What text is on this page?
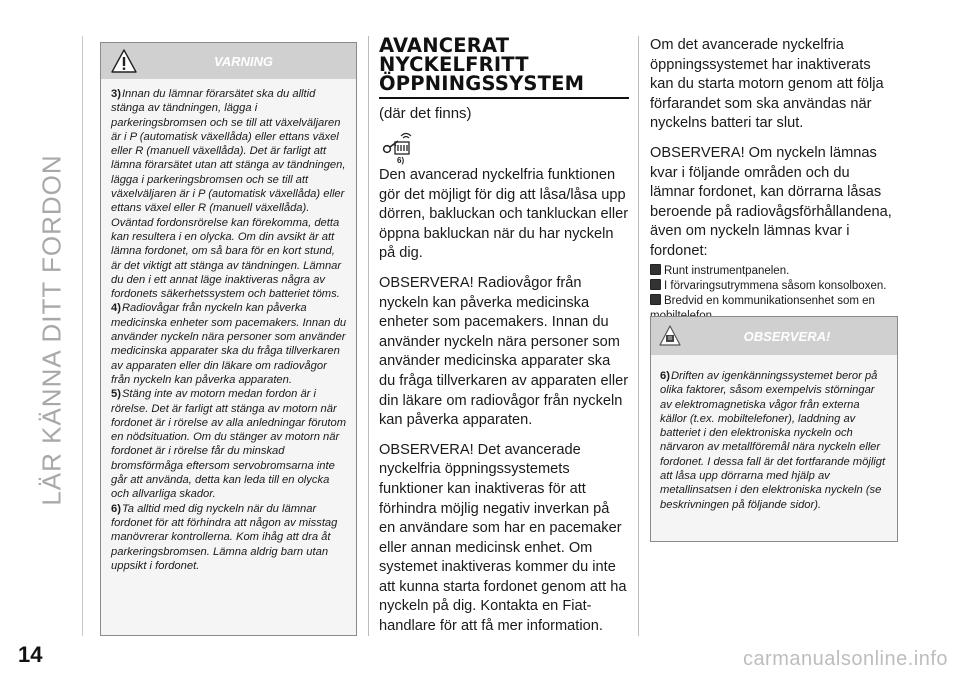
LÄR KÄNNA DITT FORDON
14	carmanualsonline.info
VARNING

3)Innan du lämnar förarsätet ska du alltid stänga av tändningen, lägga i parkeringsbromsen och se till att växelväljaren är i P (automatisk växellåda) eller ettans växel eller R (manuell växellåda). Det är farligt att lämna förarsätet utan att stänga av tändningen, lägga i parkeringsbromsen och se till att växelväljaren är i P (automatisk växellåda) eller ettans växel eller R (manuell växellåda). Oväntad fordonsrörelse kan förekomma, detta kan resultera i en olycka. Om din avsikt är att lämna fordonet, om så bara för en kort stund, är det viktigt att stänga av tändningen. Lämnar du den i ett annat läge inaktiveras några av fordonets säkerhetssystem och batteriet töms.

4)Radiovågar från nyckeln kan påverka medicinska enheter som pacemakers. Innan du använder nyckeln nära personer som använder medicinska apparater ska du fråga tillverkaren av apparaten eller din läkare om radiovågor från nyckeln kan påverka apparaten.

5)Stäng inte av motorn medan fordon är i rörelse. Det är farligt att stänga av motorn när fordonet är i rörelse av alla anledningar förutom en nödsituation. Om du stänger av motorn när fordonet är i rörelse får du minskad bromsförmåga eftersom servobromsarna inte går att använda, detta kan leda till en olycka och allvarliga skador.

6)Ta alltid med dig nyckeln när du lämnar fordonet för att förhindra att någon av misstag manövrerar kontrollerna. Kom ihåg att dra åt parkeringsbromsen. Lämna aldrig barn utan uppsikt i fordonet.

AVANCERAT
NYCKELFRITT
ÖPPNINGSSYSTEM
(där det finns)
6)

Den avancerad nyckelfria funktionen gör det möjligt för dig att låsa/låsa upp dörren, bakluckan och tankluckan eller öppna bakluckan när du har nyckeln på dig.

OBSERVERA! Radiovågor från nyckeln kan påverka medicinska enheter som pacemakers. Innan du använder nyckeln nära personer som använder medicinska apparater ska du fråga tillverkaren av apparaten eller din läkare om radiovågor från nyckeln kan påverka apparaten.

OBSERVERA! Det avancerade nyckelfria öppningssystemets funktioner kan inaktiveras för att förhindra möjlig negativ inverkan på en användare som har en pacemaker eller annan medicinsk enhet. Om systemet inaktiveras kommer du inte att kunna starta fordonet genom att ha nyckeln på dig. Kontakta en Fiat-handlare för att få mer information.

Om det avancerade nyckelfria öppningssystemet har inaktiverats kan du starta motorn genom att följa förfarandet som ska användas när nyckelns batteri tar slut.

OBSERVERA! Om nyckeln lämnas kvar i följande områden och du lämnar fordonet, kan dörrarna låsas beroende på radiovågsförhållandena, även om nyckeln lämnas kvar i fordonet:

Runt instrumentpanelen.

I förvaringsutrymmena såsom konsolboxen.

Bredvid en kommunikationsenhet som en

OBSERVERA!

6)Driften av igenkänningssystemet beror på olika faktorer, såsom exempelvis störningar av elektromagnetiska vågor från externa källor (t.ex. mobiltelefoner), laddning av batteriet i den elektroniska nyckeln och närvaron av metallföremål nära nyckeln eller fordonet. I dessa fall är det fortfarande möjligt att låsa upp dörrarna med hjälp av metallinsatsen i den elektroniska nyckeln (se beskrivningen på följande sidor).
